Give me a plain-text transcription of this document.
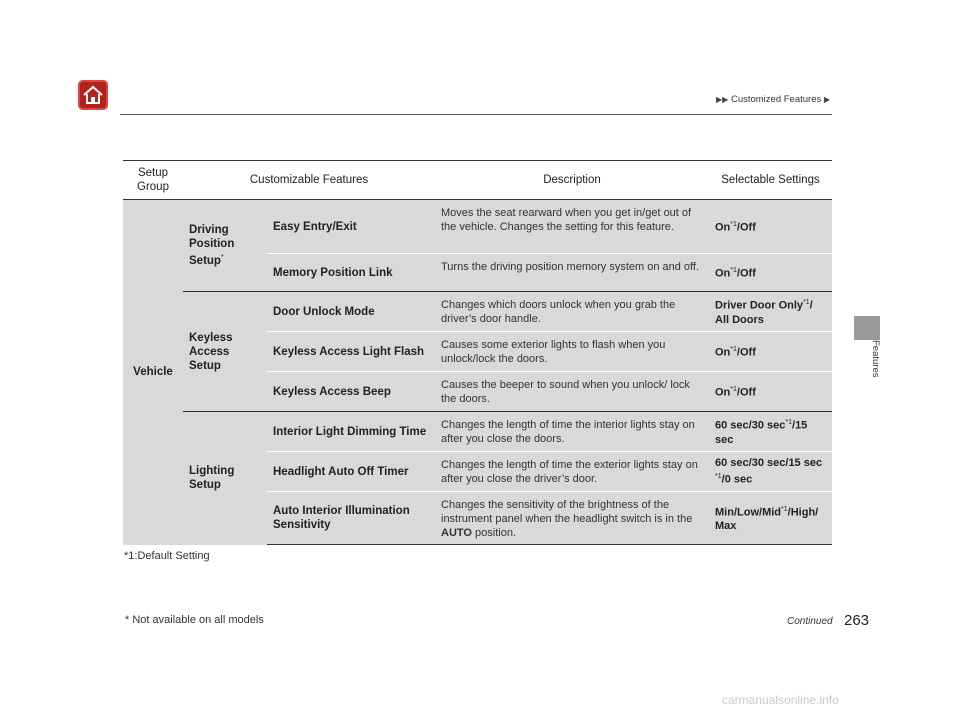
▶▶ Customized Features ▶
Features
Setup
Group	Customizable Features		Description	Selectable Settings
Vehicle	Driving Position Setup*	Easy Entry/Exit	Moves the seat rearward when you get in/get out of the vehicle. Changes the setting for this feature.	On$^{*1}$/Off
		Memory Position Link	Turns the driving position memory system on and off.	On$^{*1}$/Off
	Keyless Access Setup	Door Unlock Mode	Changes which doors unlock when you grab the driver’s door handle.	Driver Door Only$^{*1}$/
All Doors
		Keyless Access Light Flash	Causes some exterior lights to flash when you unlock/lock the doors.	On$^{*1}$/Off
		Keyless Access Beep	Causes the beeper to sound when you unlock/ lock the doors.	On$^{*1}$/Off
	Lighting Setup	Interior Light Dimming Time	Changes the length of time the interior lights stay on after you close the doors.	60 sec/30 $\sec^{*1}/15$ sec
		Headlight Auto Off Timer	Changes the length of time the exterior lights stay on after you close the driver’s door.	60 sec/30 sec/15 sec
$^{*1}$/0 sec
		Auto Interior Illumination Sensitivity	Changes the sensitivity of the brightness of the instrument panel when the headlight switch is in the AUTO position.	Min/Low/Mid$^{*1}$/High/
Max
*1:Default Setting
* Not available on all models	Continued 263
carmanualsonline.info
